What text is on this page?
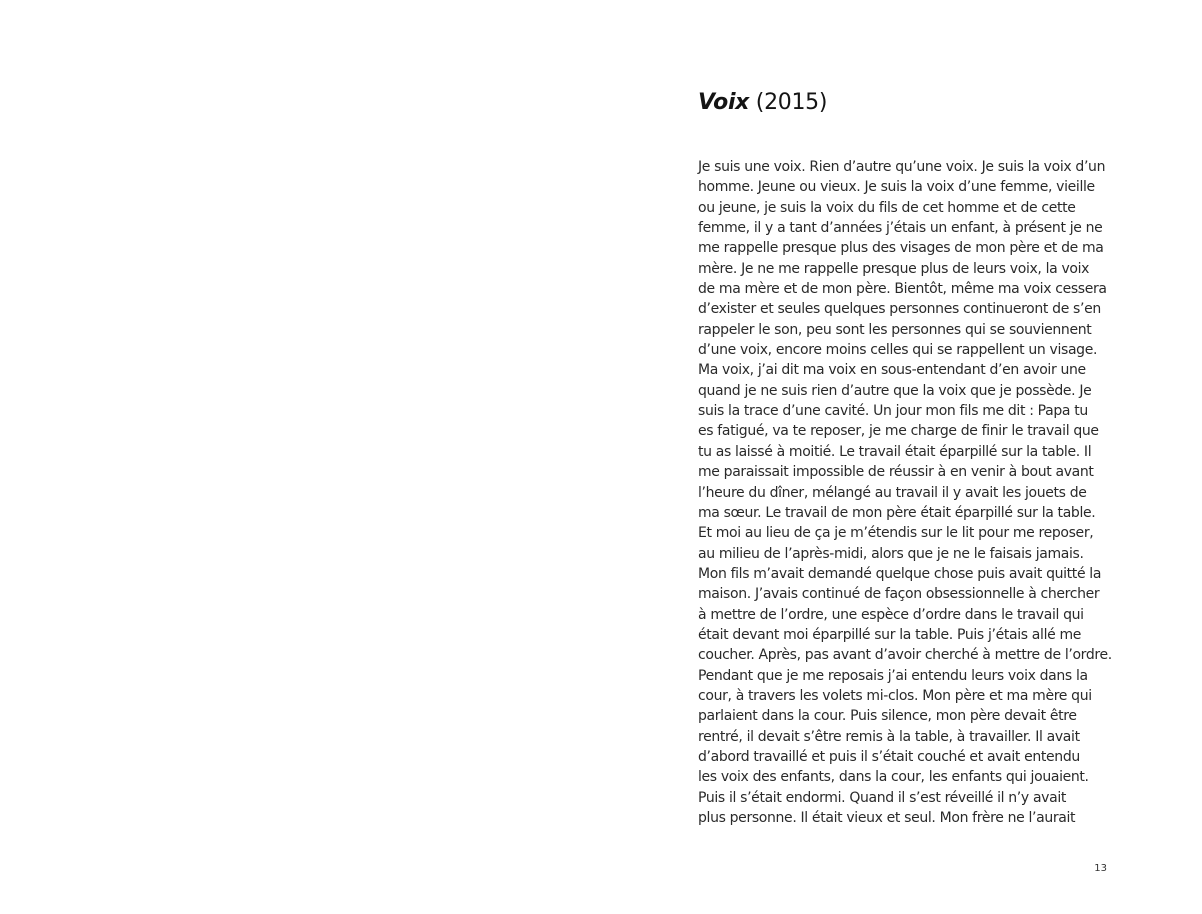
Voix (2015)
Je suis une voix. Rien d’autre qu’une voix. Je suis la voix d’un
homme. Jeune ou vieux. Je suis la voix d’une femme, vieille
ou jeune, je suis la voix du fils de cet homme et de cette
femme, il y a tant d’années j’étais un enfant, à présent je ne
me rappelle presque plus des visages de mon père et de ma
mère. Je ne me rappelle presque plus de leurs voix, la voix
de ma mère et de mon père. Bientôt, même ma voix cessera
d’exister et seules quelques personnes continueront de s’en
rappeler le son, peu sont les personnes qui se souviennent
d’une voix, encore moins celles qui se rappellent un visage.
Ma voix, j’ai dit ma voix en sous-entendant d’en avoir une
quand je ne suis rien d’autre que la voix que je possède. Je
suis la trace d’une cavité. Un jour mon fils me dit : Papa tu
es fatigué, va te reposer, je me charge de finir le travail que
tu as laissé à moitié. Le travail était éparpillé sur la table. Il
me paraissait impossible de réussir à en venir à bout avant
l’heure du dîner, mélangé au travail il y avait les jouets de
ma sœur. Le travail de mon père était éparpillé sur la table.
Et moi au lieu de ça je m’étendis sur le lit pour me reposer,
au milieu de l’après-midi, alors que je ne le faisais jamais.
Mon fils m’avait demandé quelque chose puis avait quitté la
maison. J’avais continué de façon obsessionnelle à chercher
à mettre de l’ordre, une espèce d’ordre dans le travail qui
était devant moi éparpillé sur la table. Puis j’étais allé me
coucher. Après, pas avant d’avoir cherché à mettre de l’ordre.
Pendant que je me reposais j’ai entendu leurs voix dans la
cour, à travers les volets mi-clos. Mon père et ma mère qui
parlaient dans la cour. Puis silence, mon père devait être
rentré, il devait s’être remis à la table, à travailler. Il avait
d’abord travaillé et puis il s’était couché et avait entendu
les voix des enfants, dans la cour, les enfants qui jouaient.
Puis il s’était endormi. Quand il s’est réveillé il n’y avait
plus personne. Il était vieux et seul. Mon frère ne l’aurait
13
